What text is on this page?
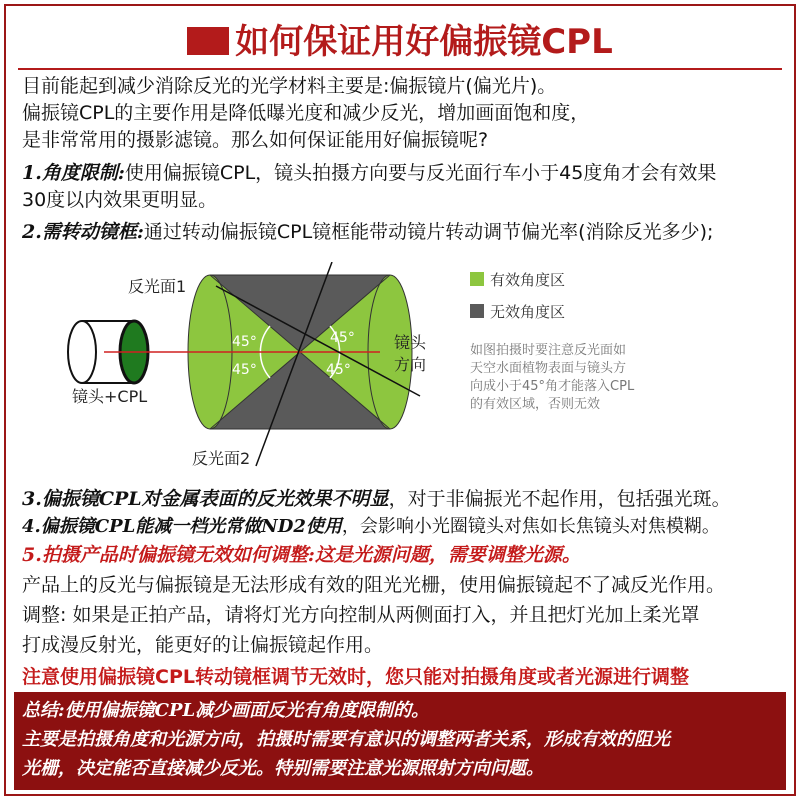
如何保证用好偏振镜CPL
目前能起到减少消除反光的光学材料主要是:偏振镜片(偏光片)。
偏振镜CPL的主要作用是降低曝光度和减少反光，增加画面饱和度，
是非常常用的摄影滤镜。那么如何保证能用好偏振镜呢?
1.角度限制:使用偏振镜CPL，镜头拍摄方向要与反光面行车小于45度角才会有效果
30度以内效果更明显。
2.需转动镜框:通过转动偏振镜CPL镜框能带动镜片转动调节偏光率(消除反光多少);
反光面1
反光面2
镜头+CPL
镜头
方向
45°
45°
45°
45°
有效角度区
无效角度区
如图拍摄时要注意反光面如
天空水面植物表面与镜头方
向成小于45°角才能落入CPL
的有效区域，否则无效
3.偏振镜CPL对金属表面的反光效果不明显，对于非偏振光不起作用，包括强光斑。
4.偏振镜CPL能减一档光常做ND2使用，会影响小光圈镜头对焦如长焦镜头对焦模糊。
5.拍摄产品时偏振镜无效如何调整:这是光源问题，需要调整光源。
产品上的反光与偏振镜是无法形成有效的阻光光栅，使用偏振镜起不了减反光作用。
调整: 如果是正拍产品，请将灯光方向控制从两侧面打入，并且把灯光加上柔光罩
打成漫反射光，能更好的让偏振镜起作用。
注意使用偏振镜CPL转动镜框调节无效时，您只能对拍摄角度或者光源进行调整
总结:使用偏振镜CPL减少画面反光有角度限制的。
主要是拍摄角度和光源方向，拍摄时需要有意识的调整两者关系，形成有效的阻光
光栅，决定能否直接减少反光。特别需要注意光源照射方向问题。
